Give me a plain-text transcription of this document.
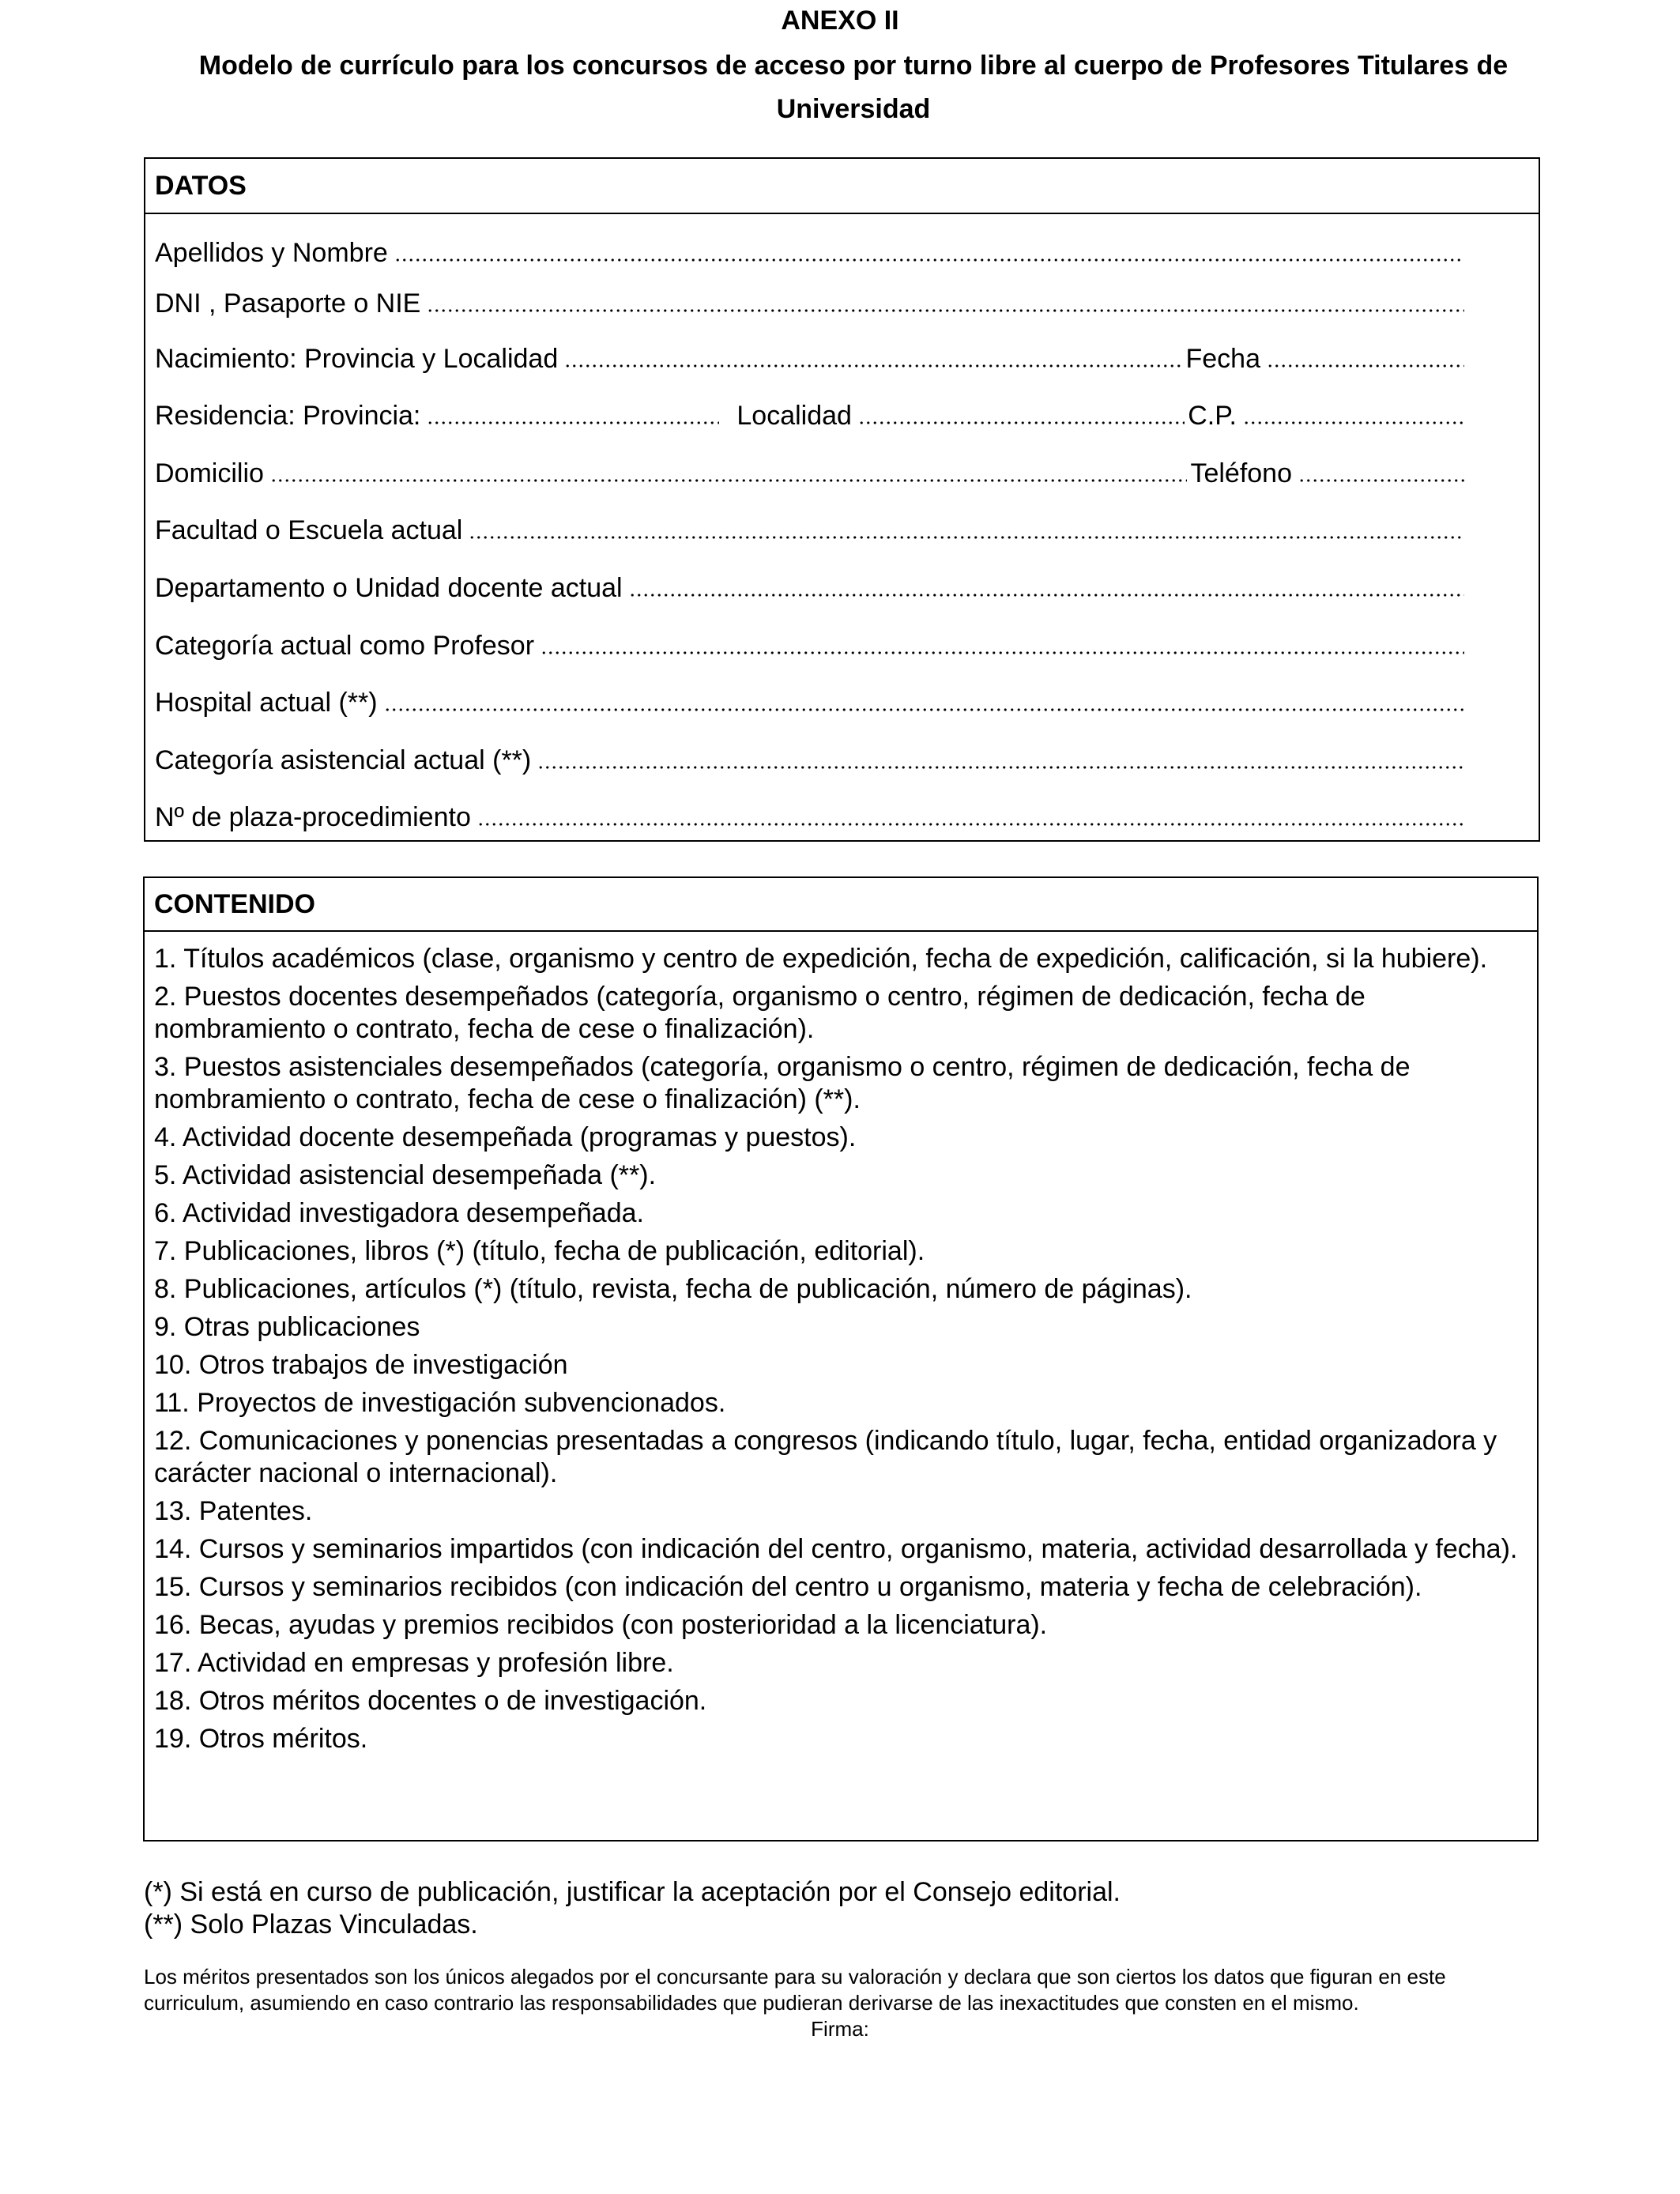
ANEXO II
Modelo de currículo para los concursos de acceso por turno libre al cuerpo de Profesores Titulares de
Universidad
DATOS
Apellidos y Nombre
DNI , Pasaporte o NIE
Nacimiento: Provincia y Localidad	Fecha
Residencia: Provincia:	Localidad	C.P.
Domicilio	Teléfono
Facultad o Escuela actual
Departamento o Unidad docente actual
Categoría actual como Profesor
Hospital actual (**)
Categoría asistencial actual (**)
Nº de plaza-procedimiento
CONTENIDO
1. Títulos académicos (clase, organismo y centro de expedición, fecha de expedición, calificación, si la hubiere).
2. Puestos docentes desempeñados (categoría, organismo o centro, régimen de dedicación, fecha de nombramiento o contrato, fecha de cese o finalización).
3. Puestos asistenciales desempeñados (categoría, organismo o centro, régimen de dedicación, fecha de nombramiento o contrato, fecha de cese o finalización) (**).
4. Actividad docente desempeñada (programas y puestos).
5. Actividad asistencial desempeñada (**).
6. Actividad investigadora desempeñada.
7. Publicaciones, libros (*) (título, fecha de publicación, editorial).
8. Publicaciones, artículos (*) (título, revista, fecha de publicación, número de páginas).
9. Otras publicaciones
10. Otros trabajos de investigación
11. Proyectos de investigación subvencionados.
12. Comunicaciones y ponencias presentadas a congresos (indicando título, lugar, fecha, entidad organizadora y carácter nacional o internacional).
13. Patentes.
14. Cursos y seminarios impartidos (con indicación del centro, organismo, materia, actividad desarrollada y fecha).
15. Cursos y seminarios recibidos (con indicación del centro u organismo, materia y fecha de celebración).
16. Becas, ayudas y premios recibidos (con posterioridad a la licenciatura).
17. Actividad en empresas y profesión libre.
18. Otros méritos docentes o de investigación.
19. Otros méritos.
(*) Si está en curso de publicación, justificar la aceptación por el Consejo editorial.
(**) Solo Plazas Vinculadas.
Los méritos presentados son los únicos alegados por el concursante para su valoración y declara que son ciertos los datos que figuran en este curriculum, asumiendo en caso contrario las responsabilidades que pudieran derivarse de las inexactitudes que consten en el mismo.
Firma:
